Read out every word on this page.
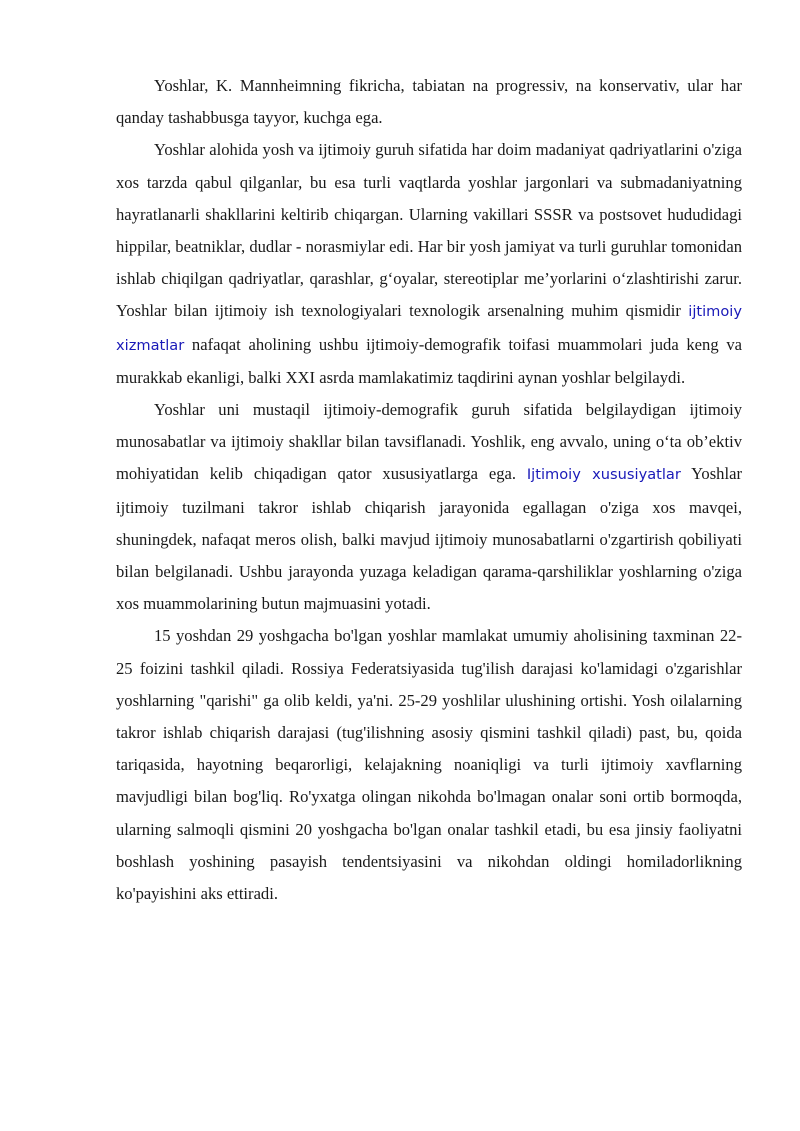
Yoshlar, K. Mannheimning fikricha, tabiatan na progressiv, na konservativ, ular har qanday tashabbusga tayyor, kuchga ega.

Yoshlar alohida yosh va ijtimoiy guruh sifatida har doim madaniyat qadriyatlarini o'ziga xos tarzda qabul qilganlar, bu esa turli vaqtlarda yoshlar jargonlari va submadaniyatning hayratlanarli shakllarini keltirib chiqargan. Ularning vakillari SSSR va postsovet hududidagi hippilar, beatniklar, dudlar - norasmiylar edi. Har bir yosh jamiyat va turli guruhlar tomonidan ishlab chiqilgan qadriyatlar, qarashlar, g‘oyalar, stereotiplar me’yorlarini o‘zlashtirishi zarur. Yoshlar bilan ijtimoiy ish texnologiyalari texnologik arsenalning muhim qismidir ijtimoiy xizmatlar nafaqat aholining ushbu ijtimoiy-demografik toifasi muammolari juda keng va murakkab ekanligi, balki XXI asrda mamlakatimiz taqdirini aynan yoshlar belgilaydi.

Yoshlar uni mustaqil ijtimoiy-demografik guruh sifatida belgilaydigan ijtimoiy munosabatlar va ijtimoiy shakllar bilan tavsiflanadi. Yoshlik, eng avvalo, uning o‘ta ob’ektiv mohiyatidan kelib chiqadigan qator xususiyatlarga ega. Ijtimoiy xususiyatlar Yoshlar ijtimoiy tuzilmani takror ishlab chiqarish jarayonida egallagan o'ziga xos mavqei, shuningdek, nafaqat meros olish, balki mavjud ijtimoiy munosabatlarni o'zgartirish qobiliyati bilan belgilanadi. Ushbu jarayonda yuzaga keladigan qarama-qarshiliklar yoshlarning o'ziga xos muammolarining butun majmuasini yotadi.

15 yoshdan 29 yoshgacha bo'lgan yoshlar mamlakat umumiy aholisining taxminan 22-25 foizini tashkil qiladi. Rossiya Federatsiyasida tug'ilish darajasi ko'lamidagi o'zgarishlar yoshlarning "qarishi" ga olib keldi, ya'ni. 25-29 yoshlilar ulushining ortishi. Yosh oilalarning takror ishlab chiqarish darajasi (tug'ilishning asosiy qismini tashkil qiladi) past, bu, qoida tariqasida, hayotning beqarorligi, kelajakning noaniqligi va turli ijtimoiy xavflarning mavjudligi bilan bog'liq. Ro'yxatga olingan nikohda bo'lmagan onalar soni ortib bormoqda, ularning salmoqli qismini 20 yoshgacha bo'lgan onalar tashkil etadi, bu esa jinsiy faoliyatni boshlash yoshining pasayish tendentsiyasini va nikohdan oldingi homiladorlikning ko'payishini aks ettiradi.
